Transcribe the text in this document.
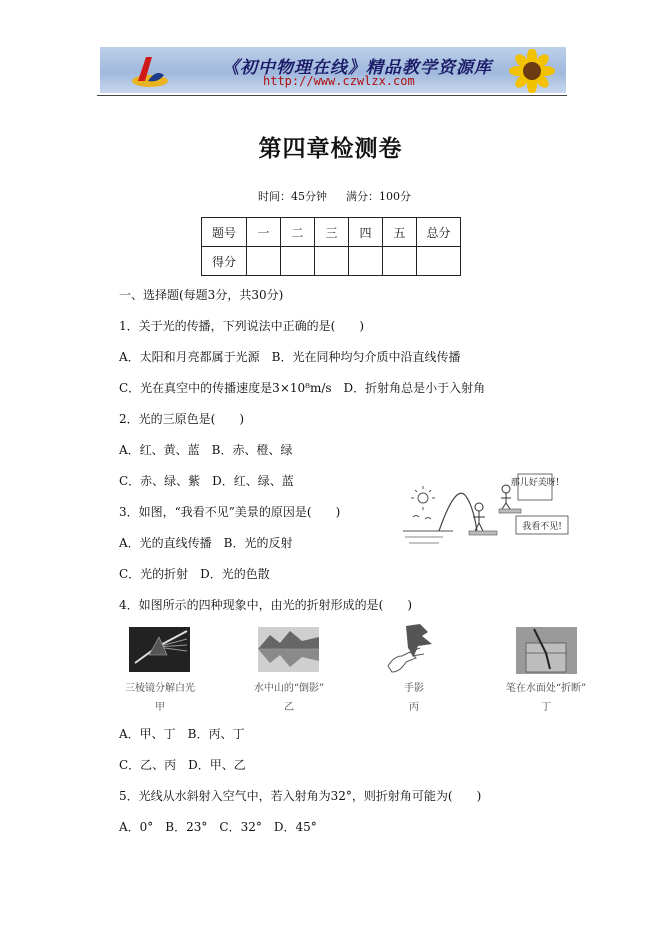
《初中物理在线》精品教学资源库
http://www.czwlzx.com
第四章检测卷
时间：45分钟 满分：100分
题号	一	二	三	四	五	总分
得分						
一、选择题(每题3分，共30分)
1．关于光的传播，下列说法中正确的是(　　)
A．太阳和月亮都属于光源　B．光在同种均匀介质中沿直线传播
C．光在真空中的传播速度是3×10⁸m/s　D．折射角总是小于入射角
2．光的三原色是(　　)
A．红、黄、蓝　B．赤、橙、绿
C．赤、绿、紫　D．红、绿、蓝
3．如图，“我看不见”美景的原因是(　　)
A．光的直线传播　B．光的反射
C．光的折射　D．光的色散
那儿好美呀!
我看不见!
4．如图所示的四种现象中，由光的折射形成的是(　　)
三棱镜分解白光	水中山的“倒影”	手影	笔在水面处“折断”
甲	乙	丙	丁
A．甲、丁　B．丙、丁
C．乙、丙　D．甲、乙
5．光线从水斜射入空气中，若入射角为32°，则折射角可能为(　　)
A．0°　B．23°　C．32°　D．45°
